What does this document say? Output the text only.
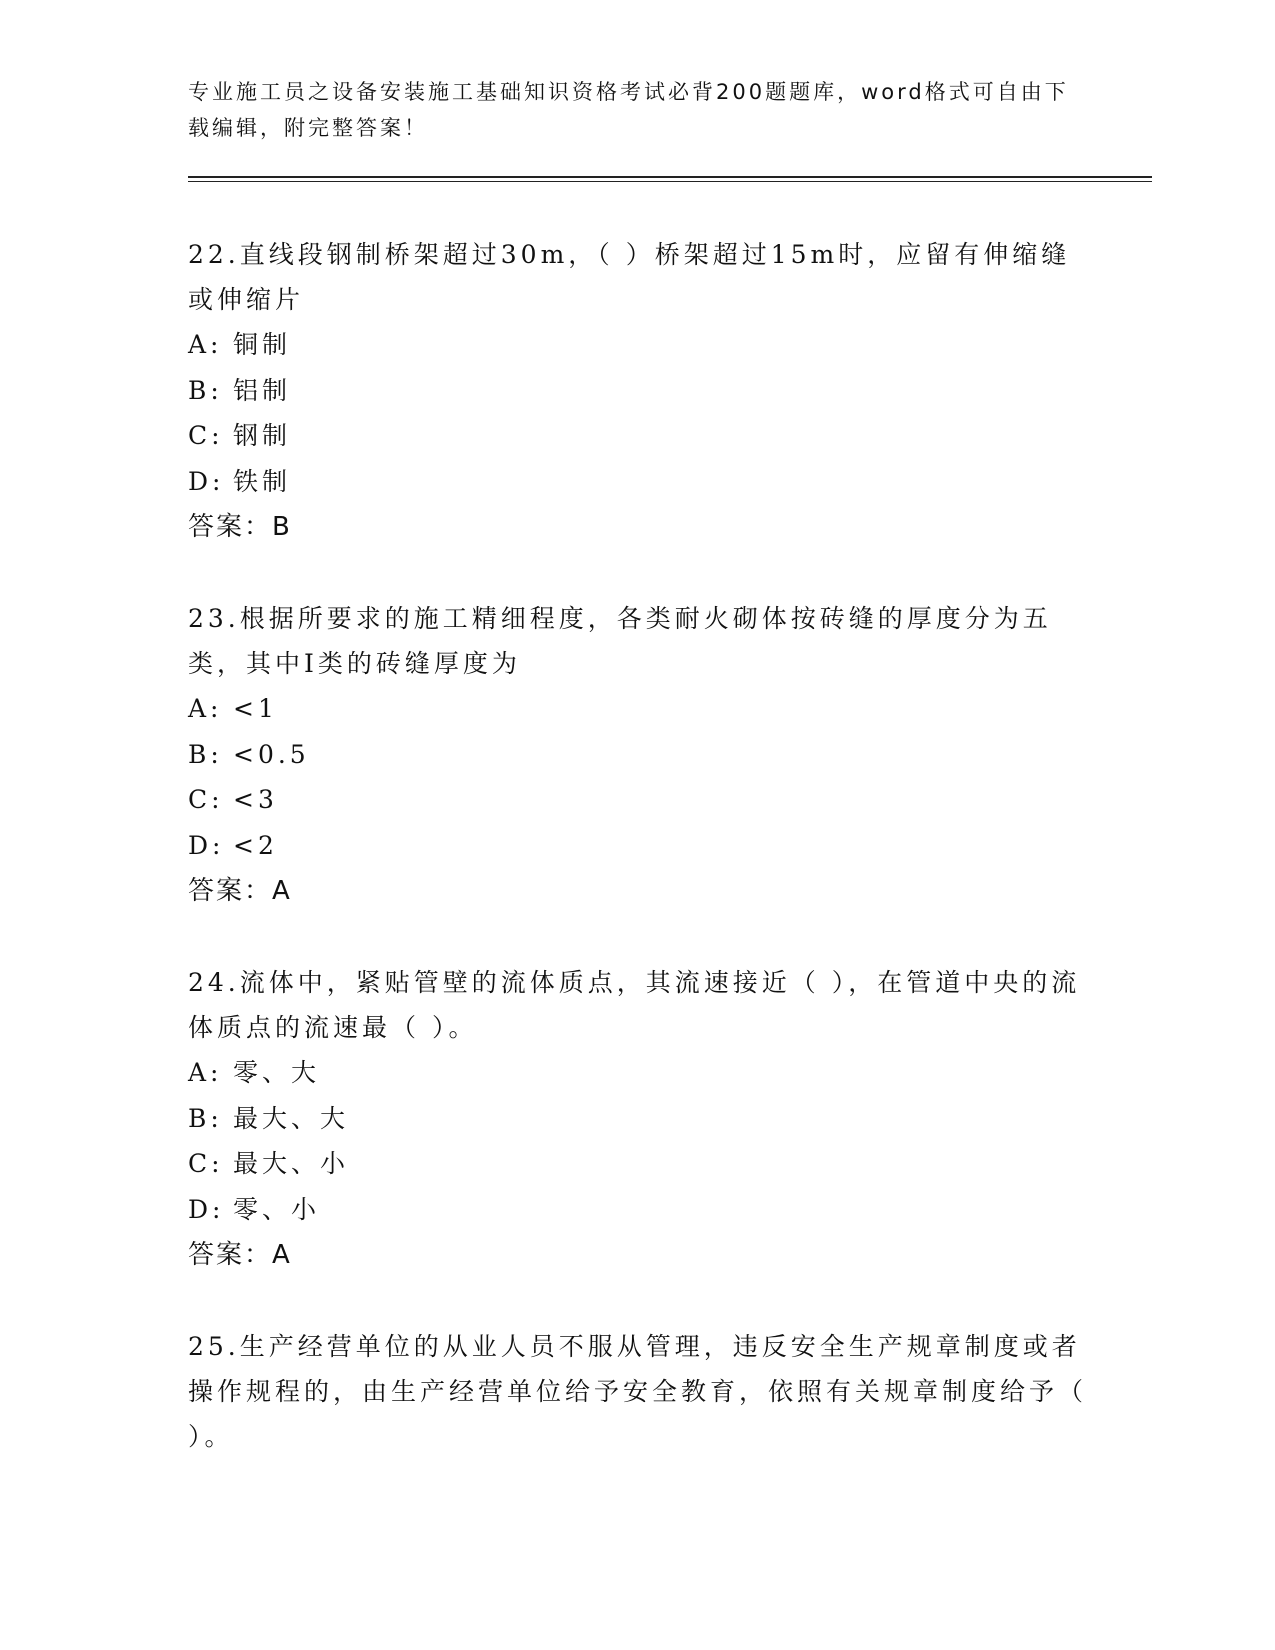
专业施工员之设备安装施工基础知识资格考试必背200题题库，word格式可自由下载编辑，附完整答案！

22.直线段钢制桥架超过30m，（ ）桥架超过15m时，应留有伸缩缝或伸缩片

A: 铜制

B: 铝制

C: 钢制

D: 铁制

答案：B

23.根据所要求的施工精细程度，各类耐火砌体按砖缝的厚度分为五类，其中I类的砖缝厚度为

A: <1

B: <0.5

C: <3

D: <2

答案：A

24.流体中，紧贴管壁的流体质点，其流速接近（ ），在管道中央的流体质点的流速最（ ）。

A: 零、大

B: 最大、大

C: 最大、小

D: 零、小

答案：A

25.生产经营单位的从业人员不服从管理，违反安全生产规章制度或者操作规程的，由生产经营单位给予安全教育，依照有关规章制度给予（ ）。
